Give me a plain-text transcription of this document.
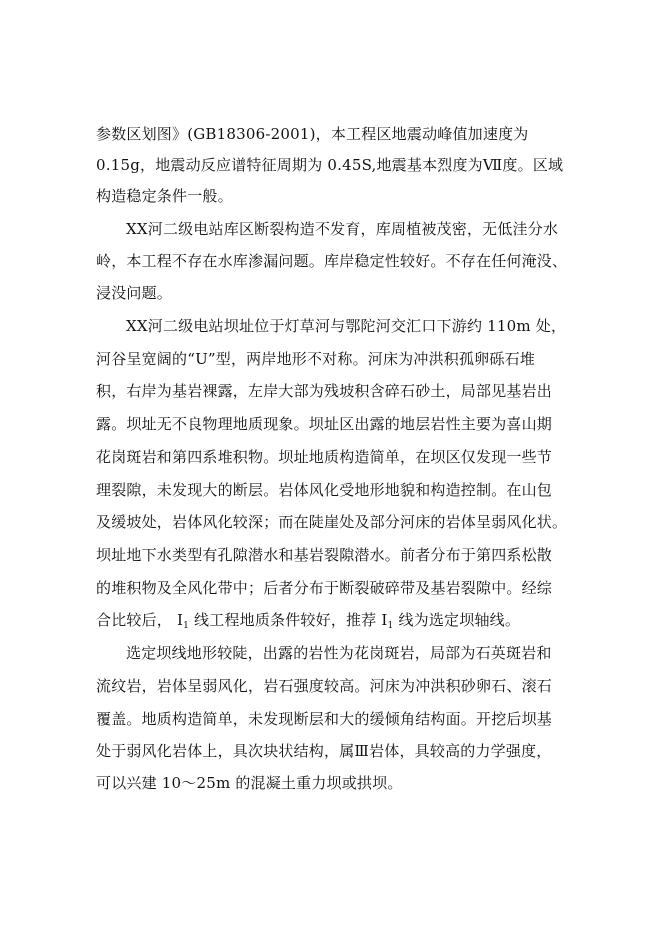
参数区划图》(GB18306-2001)，本工程区地震动峰值加速度为
0.15g，地震动反应谱特征周期为 0.45S,地震基本烈度为Ⅶ度。区域
构造稳定条件一般。
XX河二级电站库区断裂构造不发育，库周植被茂密，无低洼分水
岭，本工程不存在水库渗漏问题。库岸稳定性较好。不存在任何淹没、
浸没问题。
XX河二级电站坝址位于灯草河与鄂陀河交汇口下游约 110m 处，
河谷呈宽阔的“U”型，两岸地形不对称。河床为冲洪积孤卵砾石堆
积，右岸为基岩裸露，左岸大部为残坡积含碎石砂土，局部见基岩出
露。坝址无不良物理地质现象。坝址区出露的地层岩性主要为喜山期
花岗斑岩和第四系堆积物。坝址地质构造简单，在坝区仅发现一些节
理裂隙，未发现大的断层。岩体风化受地形地貌和构造控制。在山包
及缓坡处，岩体风化较深；而在陡崖处及部分河床的岩体呈弱风化状。
坝址地下水类型有孔隙潜水和基岩裂隙潜水。前者分布于第四系松散
的堆积物及全风化带中；后者分布于断裂破碎带及基岩裂隙中。经综
合比较后， $Ⅰ_1$ 线工程地质条件较好，推荐 $Ⅰ_1$ 线为选定坝轴线。
选定坝线地形较陡，出露的岩性为花岗斑岩，局部为石英斑岩和
流纹岩，岩体呈弱风化，岩石强度较高。河床为冲洪积砂卵石、滚石
覆盖。地质构造简单，未发现断层和大的缓倾角结构面。开挖后坝基
处于弱风化岩体上，具次块状结构，属Ⅲ岩体，具较高的力学强度，
可以兴建 10～25m 的混凝土重力坝或拱坝。
